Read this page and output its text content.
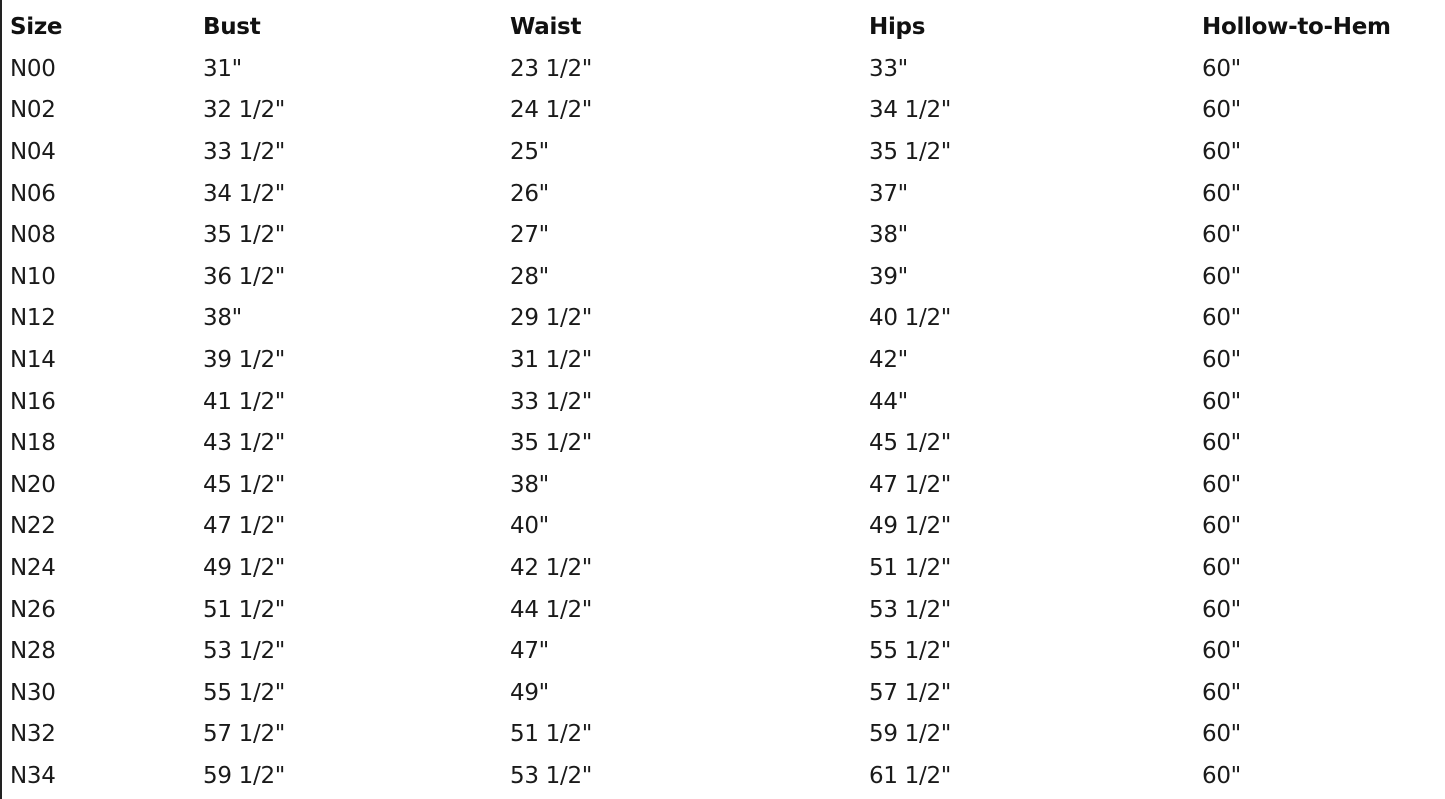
Size	Bust	Waist	Hips	Hollow-to-Hem
N00	31"	23 1/2"	33"	60"
N02	32 1/2"	24 1/2"	34 1/2"	60"
N04	33 1/2"	25"	35 1/2"	60"
N06	34 1/2"	26"	37"	60"
N08	35 1/2"	27"	38"	60"
N10	36 1/2"	28"	39"	60"
N12	38"	29 1/2"	40 1/2"	60"
N14	39 1/2"	31 1/2"	42"	60"
N16	41 1/2"	33 1/2"	44"	60"
N18	43 1/2"	35 1/2"	45 1/2"	60"
N20	45 1/2"	38"	47 1/2"	60"
N22	47 1/2"	40"	49 1/2"	60"
N24	49 1/2"	42 1/2"	51 1/2"	60"
N26	51 1/2"	44 1/2"	53 1/2"	60"
N28	53 1/2"	47"	55 1/2"	60"
N30	55 1/2"	49"	57 1/2"	60"
N32	57 1/2"	51 1/2"	59 1/2"	60"
N34	59 1/2"	53 1/2"	61 1/2"	60"
